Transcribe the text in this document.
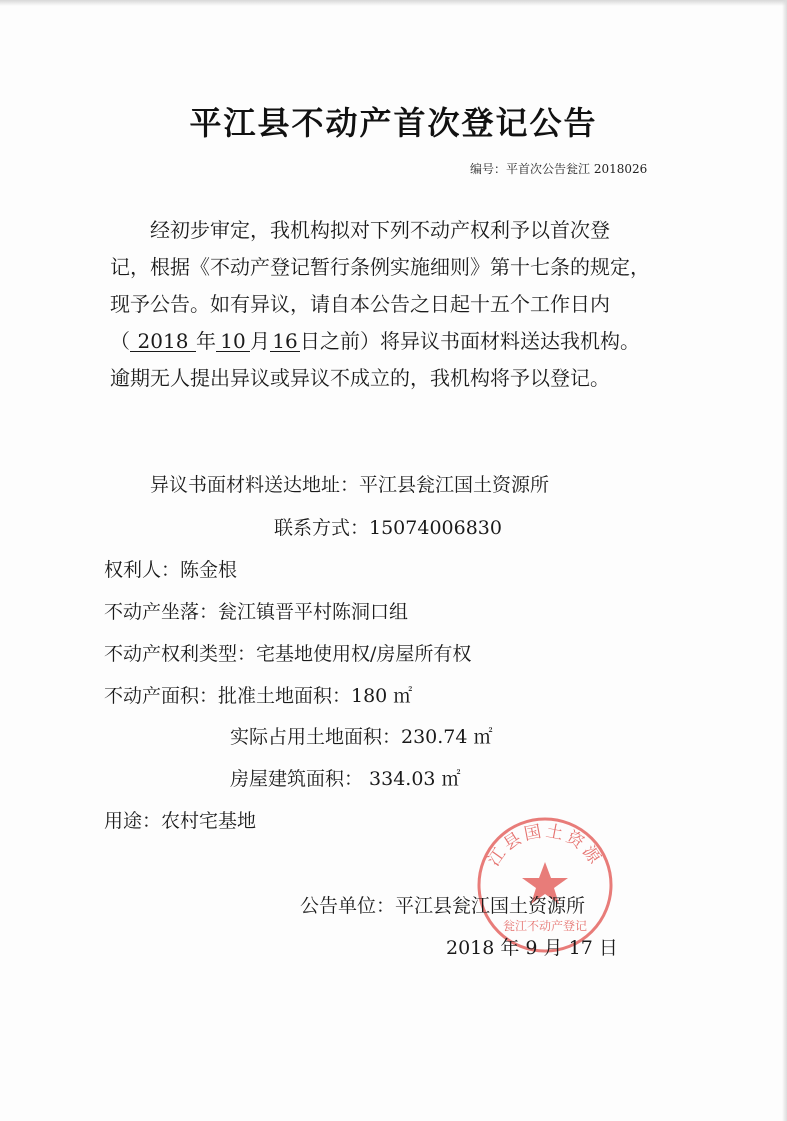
平江县不动产首次登记公告
编号：平首次公告瓮江 2018026
经初步审定，我机构拟对下列不动产权利予以首次登
记，根据《不动产登记暂行条例实施细则》第十七条的规定，
现予公告。如有异议，请自本公告之日起十五个工作日内
（ 2018 年 10 月 16 日之前）将异议书面材料送达我机构。
逾期无人提出异议或异议不成立的，我机构将予以登记。
异议书面材料送达地址：平江县瓮江国土资源所
联系方式：15074006830
权利人：陈金根
不动产坐落：瓮江镇晋平村陈洞口组
不动产权利类型：宅基地使用权/房屋所有权
不动产面积：批准土地面积：180 ㎡
实际占用土地面积：230.74 ㎡
房屋建筑面积： 334.03 ㎡
用途：农村宅基地
江县国土资源
瓮江不动产登记
公告单位：平江县瓮江国土资源所
2018 年 9 月 17 日
